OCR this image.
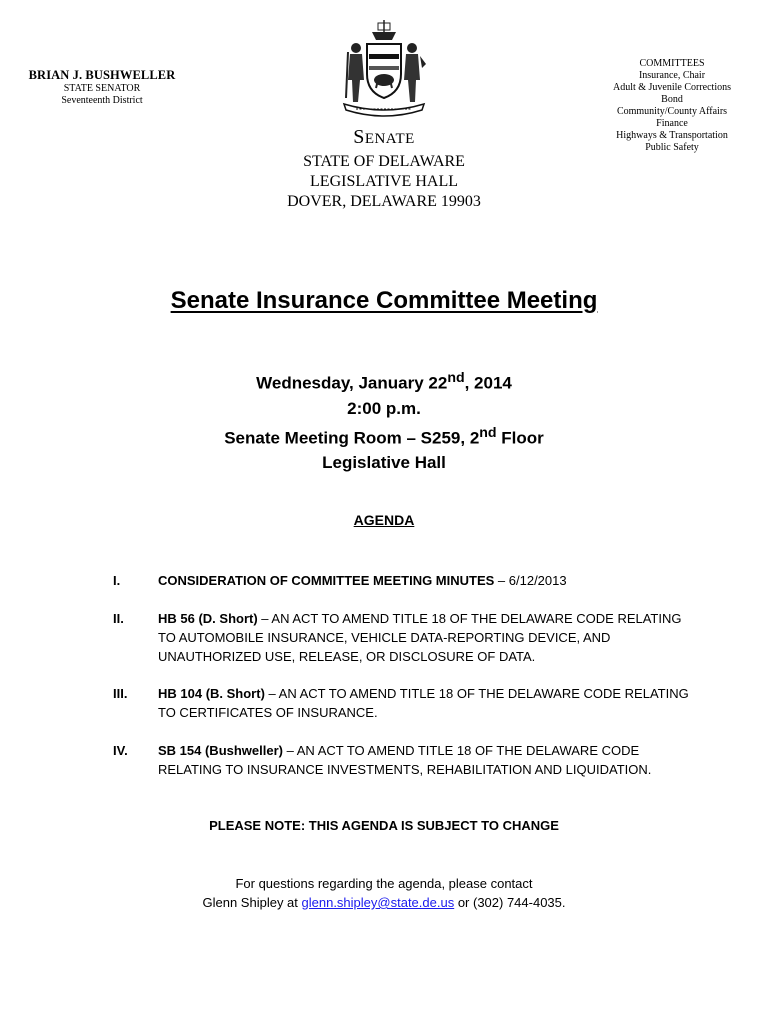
BRIAN J. BUSHWELLER
STATE SENATOR
Seventeenth District
SENATE
STATE OF DELAWARE
LEGISLATIVE HALL
DOVER, DELAWARE 19903
COMMITTEES
Insurance, Chair
Adult & Juvenile Corrections
Bond
Community/County Affairs
Finance
Highways & Transportation
Public Safety
Senate Insurance Committee Meeting
Wednesday, January 22nd, 2014
2:00 p.m.
Senate Meeting Room – S259, 2nd Floor
Legislative Hall
AGENDA
I.	CONSIDERATION OF COMMITTEE MEETING MINUTES – 6/12/2013
II.	HB 56 (D. Short) – AN ACT TO AMEND TITLE 18 OF THE DELAWARE CODE RELATING TO AUTOMOBILE INSURANCE, VEHICLE DATA-REPORTING DEVICE, AND UNAUTHORIZED USE, RELEASE, OR DISCLOSURE OF DATA.
III. HB 104 (B. Short) – AN ACT TO AMEND TITLE 18 OF THE DELAWARE CODE RELATING TO CERTIFICATES OF INSURANCE.
IV. SB 154 (Bushweller) – AN ACT TO AMEND TITLE 18 OF THE DELAWARE CODE RELATING TO INSURANCE INVESTMENTS, REHABILITATION AND LIQUIDATION.
PLEASE NOTE: THIS AGENDA IS SUBJECT TO CHANGE
For questions regarding the agenda, please contact
Glenn Shipley at glenn.shipley@state.de.us or (302) 744-4035.
